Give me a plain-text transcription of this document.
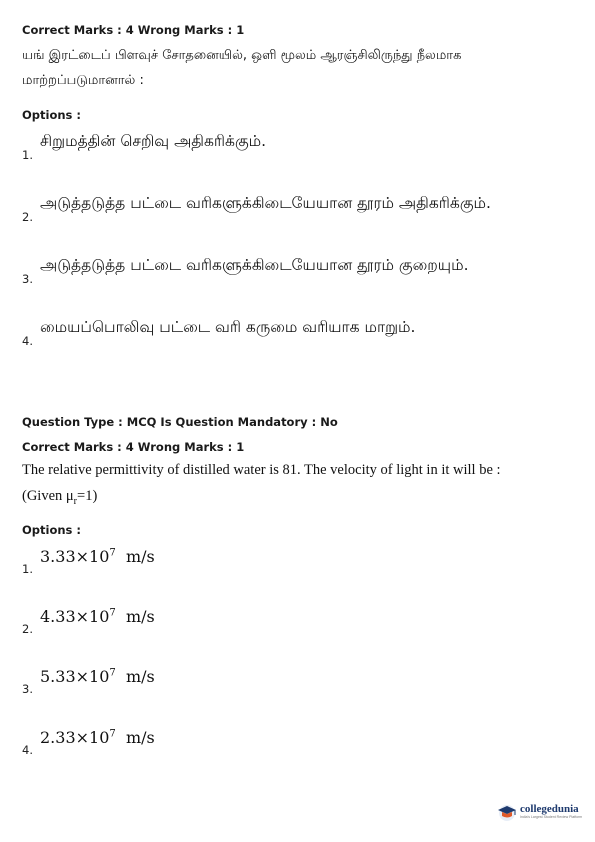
Correct Marks : 4 Wrong Marks : 1
யங் இரட்டைப் பிளவுச் சோதனையில், ஒளி மூலம் ஆரஞ்சிலிருந்து நீலமாக
மாற்றப்படுமானால் :
Options :
1.
சிறுமத்தின் செறிவு அதிகரிக்கும்.
2.
அடுத்தடுத்த பட்டை வரிகளுக்கிடையேயான தூரம் அதிகரிக்கும்.
3.
அடுத்தடுத்த பட்டை வரிகளுக்கிடையேயான தூரம் குறையும்.
4.
மையப்பொலிவு பட்டை வரி கருமை வரியாக மாறும்.
Question Type : MCQ Is Question Mandatory : No
Correct Marks : 4 Wrong Marks : 1
The relative permittivity of distilled water is 81. The velocity of light in it will be :
(Given $\mu_r=1$)
Options :
1.
$3.33\times 10^7$ m/s
2.
$4.33\times 10^7$ m/s
3.
$5.33\times 10^7$ m/s
4.
$2.33\times 10^7$ m/s
collegedunia
India's Largest Student Review Platform
